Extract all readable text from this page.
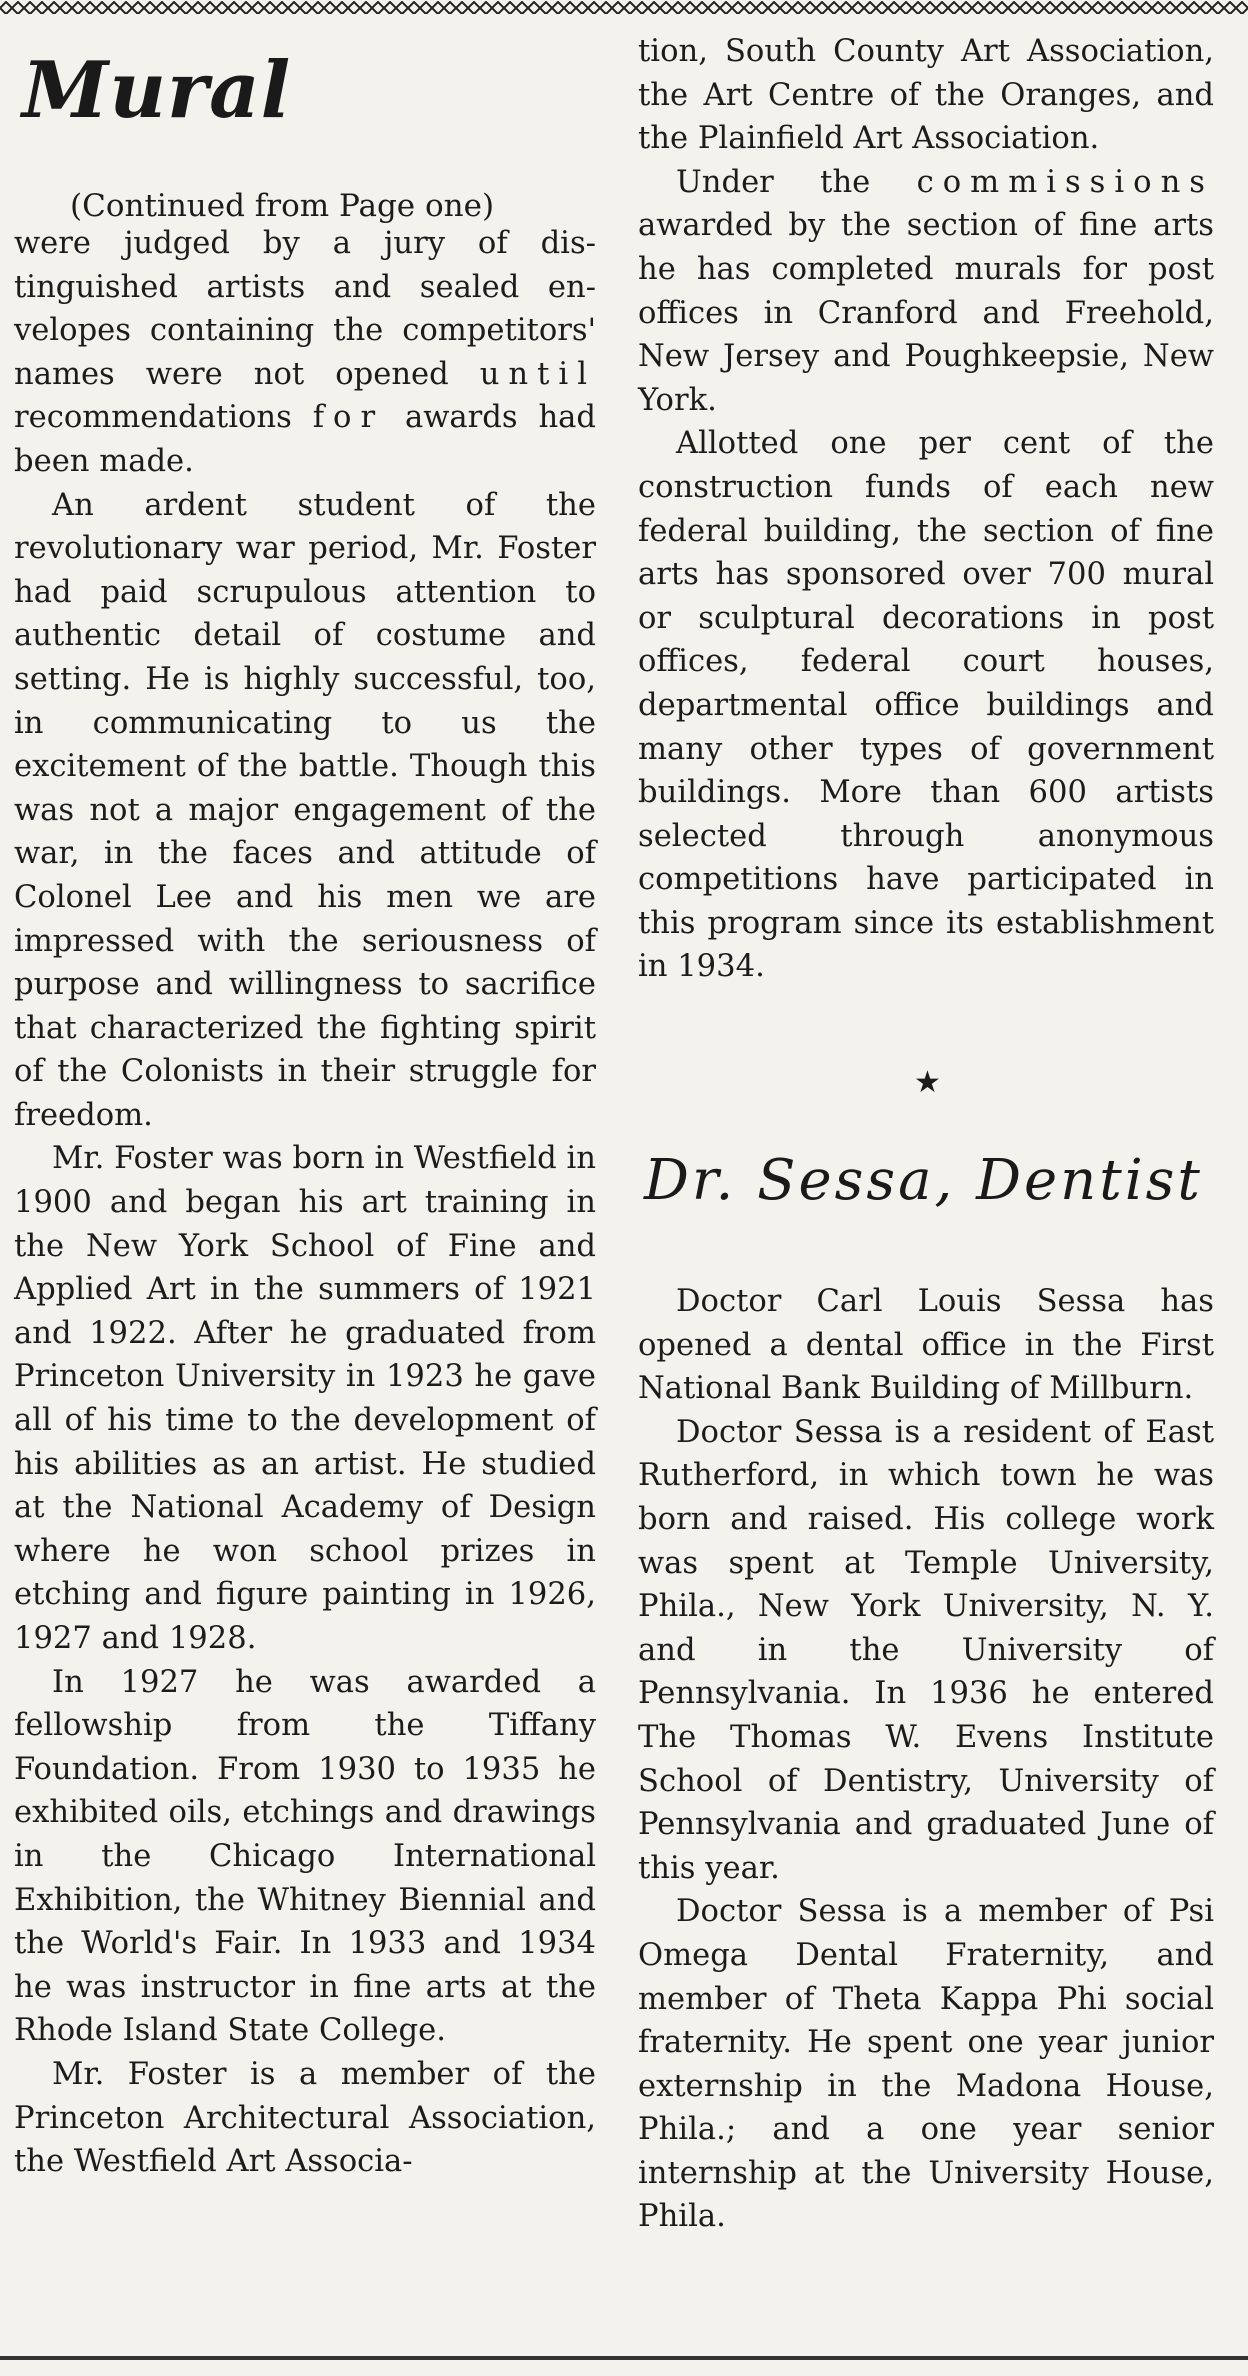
Mural

(Continued from Page one)

were judged by a jury of distinguished artists and sealed envelopes containing the competitors' names were not opened until recommendations for awards had been made.

An ardent student of the revolutionary war period, Mr. Foster had paid scrupulous attention to authentic detail of costume and setting. He is highly successful, too, in communicating to us the excitement of the battle. Though this was not a major engagement of the war, in the faces and attitude of Colonel Lee and his men we are impressed with the seriousness of purpose and willingness to sacrifice that characterized the fighting spirit of the Colonists in their struggle for freedom.

Mr. Foster was born in Westfield in 1900 and began his art training in the New York School of Fine and Applied Art in the summers of 1921 and 1922. After he graduated from Princeton University in 1923 he gave all of his time to the development of his abilities as an artist. He studied at the National Academy of Design where he won school prizes in etching and figure painting in 1926, 1927 and 1928.

In 1927 he was awarded a fellowship from the Tiffany Foundation. From 1930 to 1935 he exhibited oils, etchings and drawings in the Chicago International Exhibition, the Whitney Biennial and the World's Fair. In 1933 and 1934 he was instructor in fine arts at the Rhode Island State College.

Mr. Foster is a member of the Princeton Architectural Association, the Westfield Art Associa-

tion, South County Art Association, the Art Centre of the Oranges, and the Plainfield Art Association.

Under the commissions awarded by the section of fine arts he has completed murals for post offices in Cranford and Freehold, New Jersey and Poughkeepsie, New York.

Allotted one per cent of the construction funds of each new federal building, the section of fine arts has sponsored over 700 mural or sculptural decorations in post offices, federal court houses, departmental office buildings and many other types of government buildings. More than 600 artists selected through anonymous competitions have participated in this program since its establishment in 1934.

★
Dr. Sessa, Dentist

Doctor Carl Louis Sessa has opened a dental office in the First National Bank Building of Millburn.

Doctor Sessa is a resident of East Rutherford, in which town he was born and raised. His college work was spent at Temple University, Phila., New York University, N. Y. and in the University of Pennsylvania. In 1936 he entered The Thomas W. Evens Institute School of Dentistry, University of Pennsylvania and graduated June of this year.

Doctor Sessa is a member of Psi Omega Dental Fraternity, and member of Theta Kappa Phi social fraternity. He spent one year junior externship in the Madona House, Phila.; and a one year senior internship at the University House, Phila.
